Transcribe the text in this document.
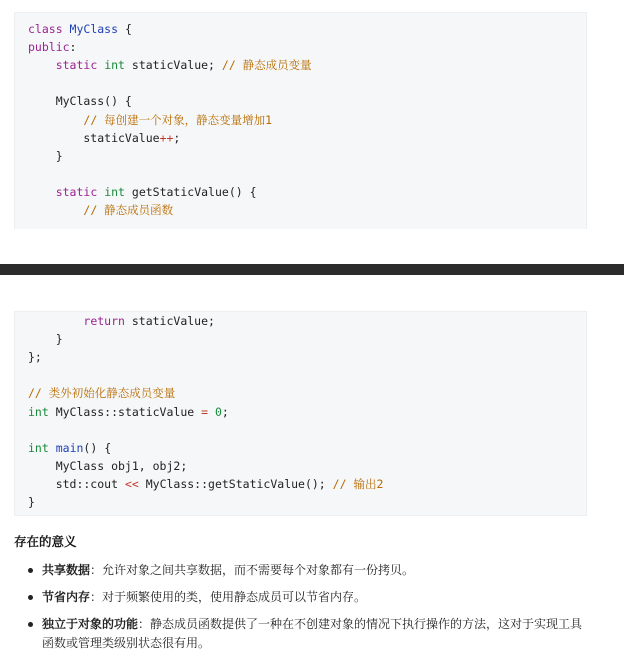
class MyClass {
public:
static int staticValue; // 静态成员变量
MyClass() {
// 每创建一个对象，静态变量增加1
staticValue++;
}
static int getStaticValue() {
// 静态成员函数
return staticValue;
}
};
// 类外初始化静态成员变量
int MyClass::staticValue = 0;
int main() {
MyClass obj1, obj2;
std::cout << MyClass::getStaticValue(); // 输出2
}
存在的意义
共享数据：允许对象之间共享数据，而不需要每个对象都有一份拷贝。
节省内存：对于频繁使用的类，使用静态成员可以节省内存。
独立于对象的功能：静态成员函数提供了一种在不创建对象的情况下执行操作的方法，这对于实现工具函数或管理类级别状态很有用。
